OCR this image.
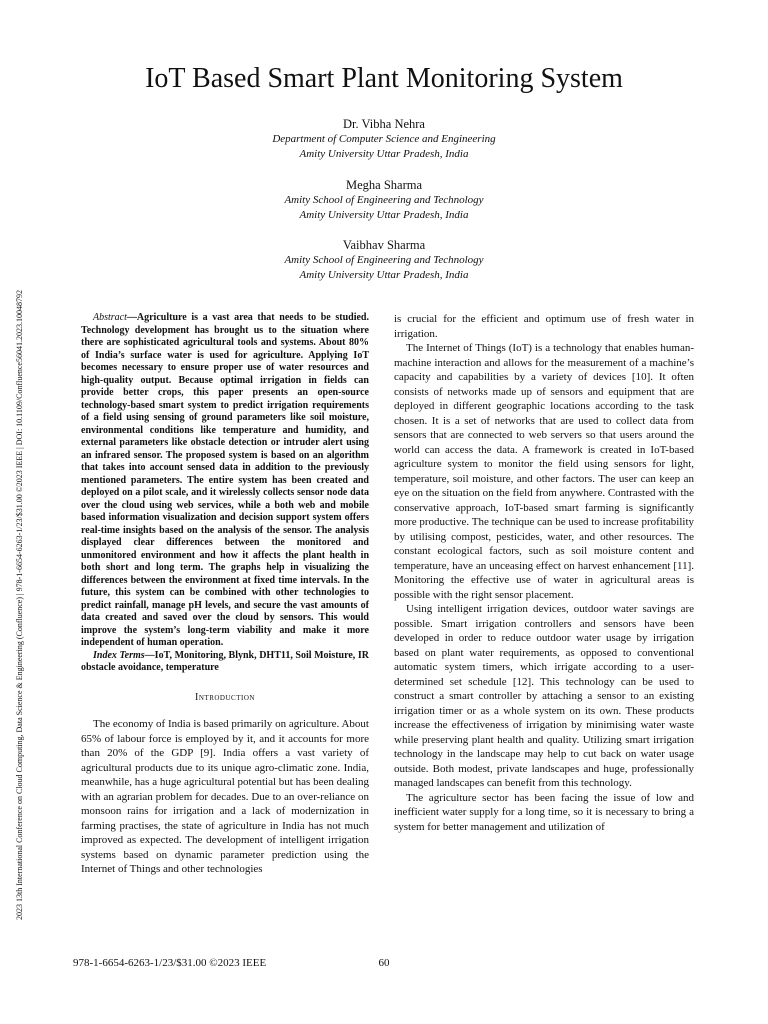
2023 13th International Conference on Cloud Computing, Data Science & Engineering (Confluence) | 978-1-6654-6263-1/23/$31.00 ©2023 IEEE | DOI: 10.1109/Confluence56041.2023.10048792
IoT Based Smart Plant Monitoring System
Dr. Vibha Nehra
Department of Computer Science and Engineering
Amity University Uttar Pradesh, India
Megha Sharma
Amity School of Engineering and Technology
Amity University Uttar Pradesh, India
Vaibhav Sharma
Amity School of Engineering and Technology
Amity University Uttar Pradesh, India

Abstract—Agriculture is a vast area that needs to be studied. Technology development has brought us to the situation where there are sophisticated agricultural tools and systems. About 80% of India’s surface water is used for agriculture. Applying IoT becomes necessary to ensure proper use of water resources and high-quality output. Because optimal irrigation in fields can provide better crops, this paper presents an open-source technology-based smart system to predict irrigation requirements of a field using sensing of ground parameters like soil moisture, environmental conditions like temperature and humidity, and external parameters like obstacle detection or intruder alert using an infrared sensor. The proposed system is based on an algorithm that takes into account sensed data in addition to the previously mentioned parameters. The entire system has been created and deployed on a pilot scale, and it wirelessly collects sensor node data over the cloud using web services, while a both web and mobile based information visualization and decision support system offers real-time insights based on the analysis of the sensor. The analysis displayed clear differences between the monitored and unmonitored environment and how it affects the plant health in both short and long term. The graphs help in visualizing the differences between the environment at fixed time intervals. In the future, this system can be combined with other technologies to predict rainfall, manage pH levels, and secure the vast amounts of data created and saved over the cloud by sensors. This would improve the system’s long-term viability and make it more independent of human operation.

Index Terms—IoT, Monitoring, Blynk, DHT11, Soil Moisture, IR obstacle avoidance, temperature

Introduction

The economy of India is based primarily on agriculture. About 65% of labour force is employed by it, and it accounts for more than 20% of the GDP [9]. India offers a vast variety of agricultural products due to its unique agro-climatic zone. India, meanwhile, has a huge agricultural potential but has been dealing with an agrarian problem for decades. Due to an over-reliance on monsoon rains for irrigation and a lack of modernization in farming practises, the state of agriculture in India has not much improved as expected. The development of intelligent irrigation systems based on dynamic parameter prediction using the Internet of Things and other technologies

is crucial for the efficient and optimum use of fresh water in irrigation.

The Internet of Things (IoT) is a technology that enables human-machine interaction and allows for the measurement of a machine’s capacity and capabilities by a variety of devices [10]. It often consists of networks made up of sensors and equipment that are deployed in different geographic locations according to the task chosen. It is a set of networks that are used to collect data from sensors that are connected to web servers so that users around the world can access the data. A framework is created in IoT-based agriculture system to monitor the field using sensors for light, temperature, soil moisture, and other factors. The user can keep an eye on the situation on the field from anywhere. Contrasted with the conservative approach, IoT-based smart farming is significantly more productive. The technique can be used to increase profitability by utilising compost, pesticides, water, and other resources. The constant ecological factors, such as soil moisture content and temperature, have an unceasing effect on harvest enhancement [11]. Monitoring the effective use of water in agricultural areas is possible with the right sensor placement.

Using intelligent irrigation devices, outdoor water savings are possible. Smart irrigation controllers and sensors have been developed in order to reduce outdoor water usage by irrigation based on plant water requirements, as opposed to conventional automatic system timers, which irrigate according to a user-determined set schedule [12]. This technology can be used to construct a smart controller by attaching a sensor to an existing irrigation timer or as a whole system on its own. These products increase the effectiveness of irrigation by minimising water waste while preserving plant health and quality. Utilizing smart irrigation technology in the landscape may help to cut back on water usage outside. Both modest, private landscapes and huge, professionally managed landscapes can benefit from this technology.

The agriculture sector has been facing the issue of low and inefficient water supply for a long time, so it is necessary to bring a system for better management and utilization of

978-1-6654-6263-1/23/$31.00 ©2023 IEEE	60
